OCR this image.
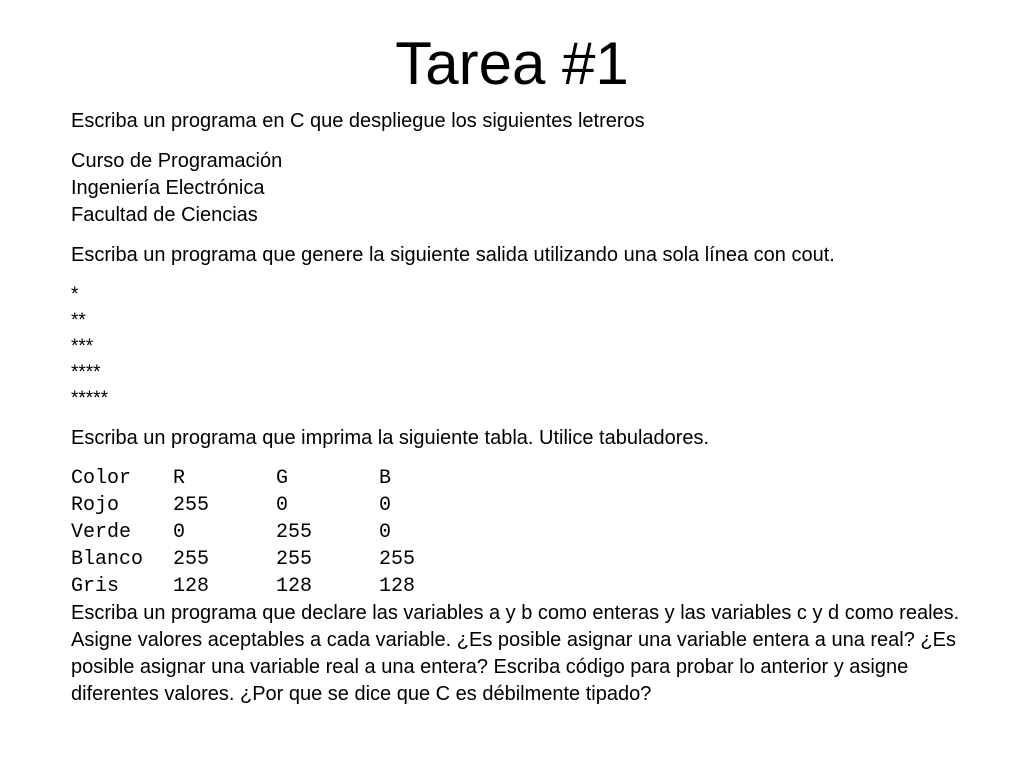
Tarea #1

Escriba un programa en C que despliegue los siguientes letreros

Curso de Programación
Ingeniería Electrónica
Facultad de Ciencias

Escriba un programa que genere la siguiente salida utilizando una sola línea con cout.

*
**
***
****
*****

Escriba un programa que imprima la siguiente tabla. Utilice tabuladores.

Color	R	G	B
Rojo	255	0	0
Verde	0	255	0
Blanco	255	255	255
Gris	128	128	128

Escriba un programa que declare las variables a y b como enteras y las variables c y d como reales. Asigne valores aceptables a cada variable. ¿Es posible asignar una variable entera a una real? ¿Es posible asignar una variable real a una entera? Escriba código para probar lo anterior y asigne diferentes valores. ¿Por que se dice que C es débilmente tipado?
